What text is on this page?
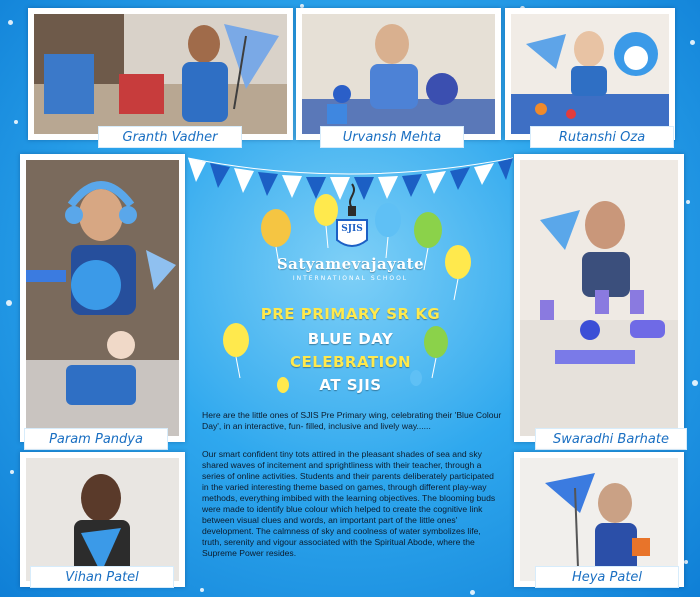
Granth Vadher	Urvansh Mehta	Rutanshi Oza
Param Pandya	Swaradhi Barhate
Vihan Patel	Heya Patel
SJIS
Satyamevajayate
INTERNATIONAL SCHOOL
PRE PRIMARY SR KG
BLUE DAY
CELEBRATION
AT SJIS
Here are the little ones of SJIS Pre Primary wing, celebrating their 'Blue Colour Day', in an interactive, fun- filled, inclusive and lively way......
Our smart confident tiny tots attired in the pleasant shades of sea and sky shared waves of incitement and sprightliness with their teacher, through a series of online activities. Students and their parents deliberately participated in the varied interesting theme based on games, through different play-way methods, everything imbibed with the learning objectives. The blooming buds were made to identify blue colour which helped to create the cognitive link between visual clues and words, an important part of the little ones' development. The calmness of sky and coolness of water symbolizes life, truth, serenity and vigour associated with the Spiritual Abode, where the Supreme Power resides.
